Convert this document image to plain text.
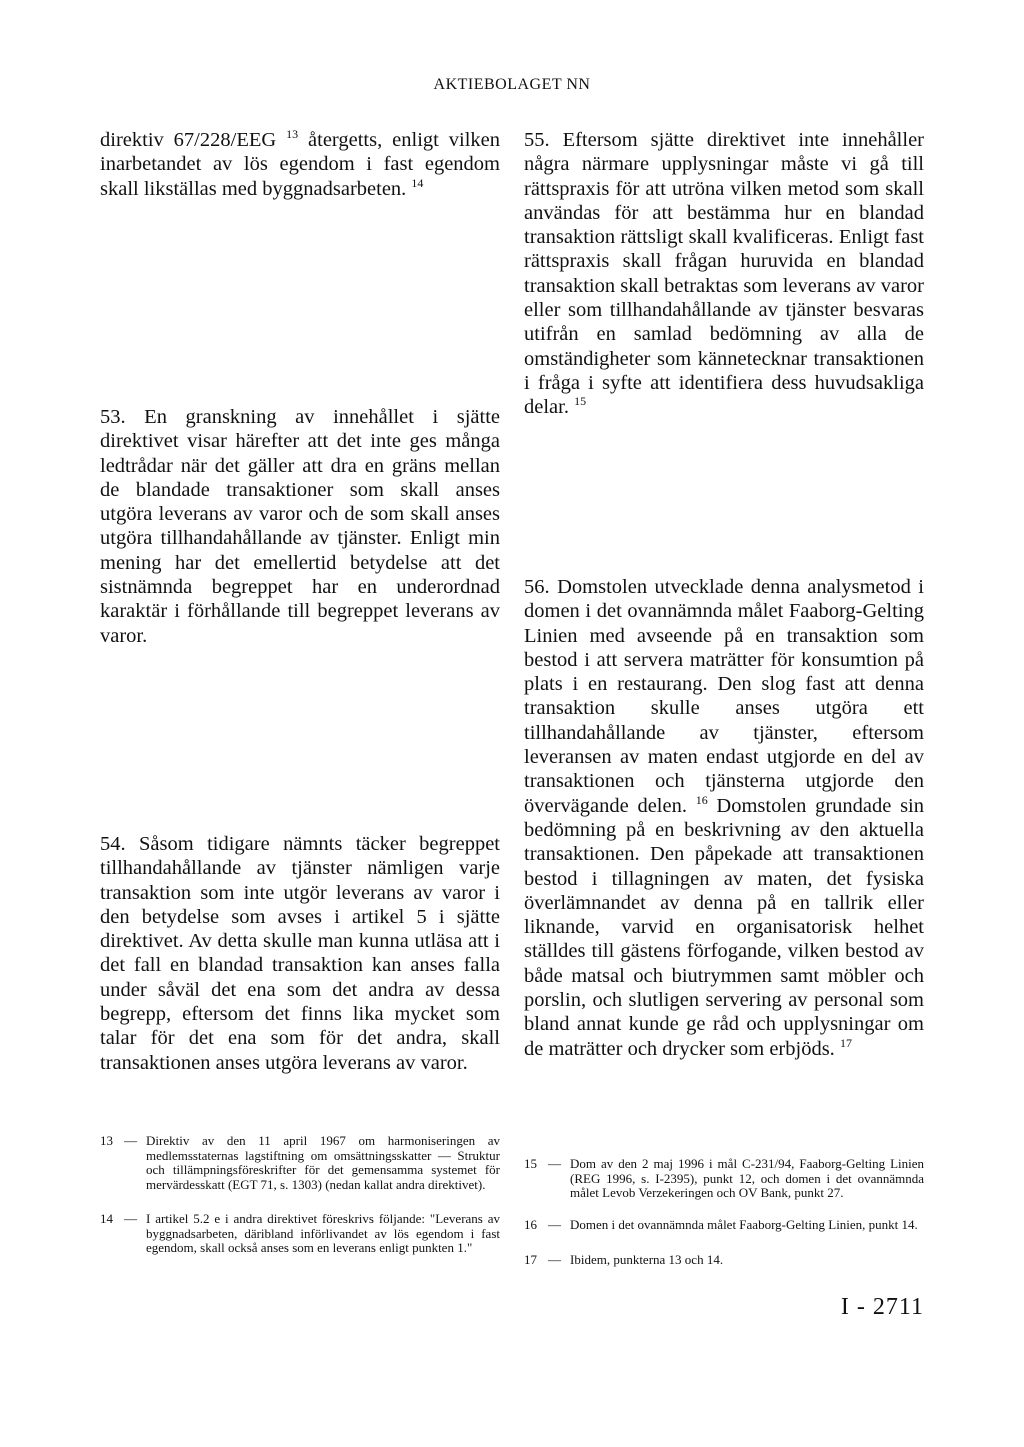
AKTIEBOLAGET NN

direktiv 67/228/EEG $^{13}$ återgetts, enligt vilken inarbetandet av lös egendom i fast egendom skall likställas med byggnadsarbeten. $^{14}$

53. En granskning av innehållet i sjätte direktivet visar härefter att det inte ges många ledtrådar när det gäller att dra en gräns mellan de blandade transaktioner som skall anses utgöra leverans av varor och de som skall anses utgöra tillhandahållande av tjänster. Enligt min mening har det emellertid betydelse att det sistnämnda begreppet har en underordnad karaktär i förhållande till begreppet leverans av varor.

54. Såsom tidigare nämnts täcker begreppet tillhandahållande av tjänster nämligen varje transaktion som inte utgör leverans av varor i den betydelse som avses i artikel 5 i sjätte direktivet. Av detta skulle man kunna utläsa att i det fall en blandad transaktion kan anses falla under såväl det ena som det andra av dessa begrepp, eftersom det finns lika mycket som talar för det ena som för det andra, skall transaktionen anses utgöra leverans av varor.

55. Eftersom sjätte direktivet inte innehåller några närmare upplysningar måste vi gå till rättspraxis för att utröna vilken metod som skall användas för att bestämma hur en blandad transaktion rättsligt skall kvalificeras. Enligt fast rättspraxis skall frågan huruvida en blandad transaktion skall betraktas som leverans av varor eller som tillhandahållande av tjänster besvaras utifrån en samlad bedömning av alla de omständigheter som kännetecknar transaktionen i fråga i syfte att identifiera dess huvudsakliga delar. $^{15}$

56. Domstolen utvecklade denna analysmetod i domen i det ovannämnda målet Faaborg-Gelting Linien med avseende på en transaktion som bestod i att servera maträtter för konsumtion på plats i en restaurang. Den slog fast att denna transaktion skulle anses utgöra ett tillhandahållande av tjänster, eftersom leveransen av maten endast utgjorde en del av transaktionen och tjänsterna utgjorde den övervägande delen. $^{16}$ Domstolen grundade sin bedömning på en beskrivning av den aktuella transaktionen. Den påpekade att transaktionen bestod i tillagningen av maten, det fysiska överlämnandet av denna på en tallrik eller liknande, varvid en organisatorisk helhet ställdes till gästens förfogande, vilken bestod av både matsal och biutrymmen samt möbler och porslin, och slutligen servering av personal som bland annat kunde ge råd och upplysningar om de maträtter och drycker som erbjöds. $^{17}$

13 — Direktiv av den 11 april 1967 om harmoniseringen av medlemsstaternas lagstiftning om omsättningsskatter — Struktur och tillämpningsföreskrifter för det gemensamma systemet för mervärdesskatt (EGT 71, s. 1303) (nedan kallat andra direktivet).
14 — I artikel 5.2 e i andra direktivet föreskrivs följande: "Leverans av byggnadsarbeten, däribland införlivandet av lös egendom i fast egendom, skall också anses som en leverans enligt punkten 1."
15 — Dom av den 2 maj 1996 i mål C-231/94, Faaborg-Gelting Linien (REG 1996, s. I-2395), punkt 12, och domen i det ovannämnda målet Levob Verzekeringen och OV Bank, punkt 27.
16 — Domen i det ovannämnda målet Faaborg-Gelting Linien, punkt 14.
17 — Ibidem, punkterna 13 och 14.
I - 2711
